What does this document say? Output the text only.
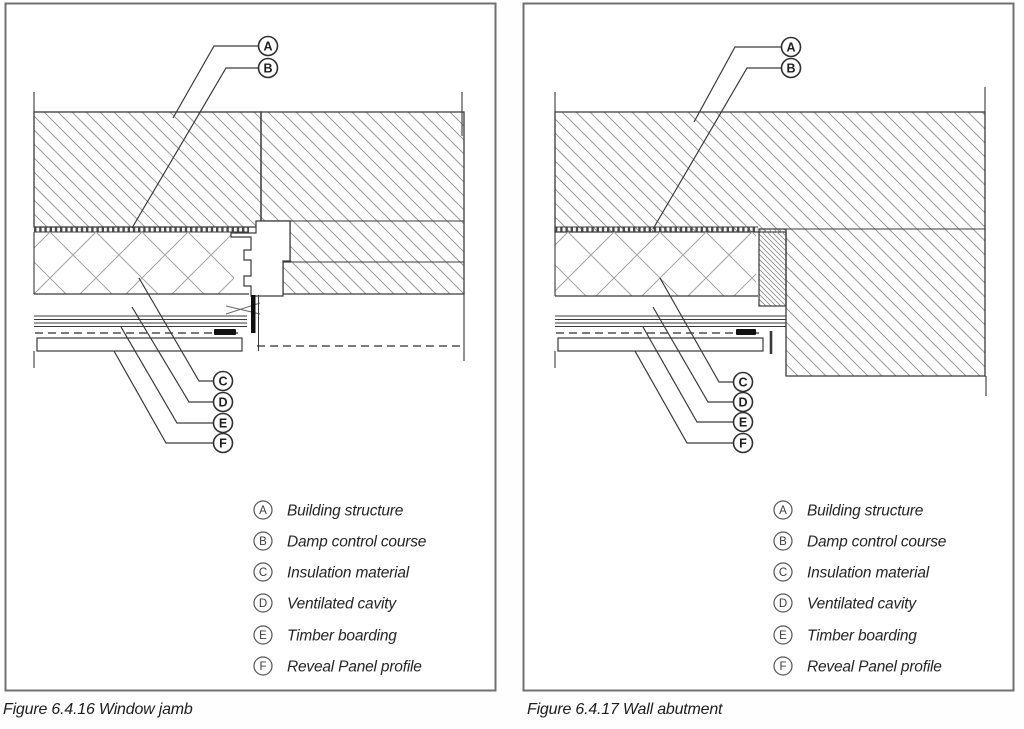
A
B
C
D
E
F
A Building structure
B Damp control course
C Insulation material
D Ventilated cavity
E Timber boarding
F Reveal Panel profile
A
B
C
D
E
F
A Building structure
B Damp control course
C Insulation material
D Ventilated cavity
E Timber boarding
F Reveal Panel profile
Figure 6.4.16 Window jamb	Figure 6.4.17 Wall abutment
